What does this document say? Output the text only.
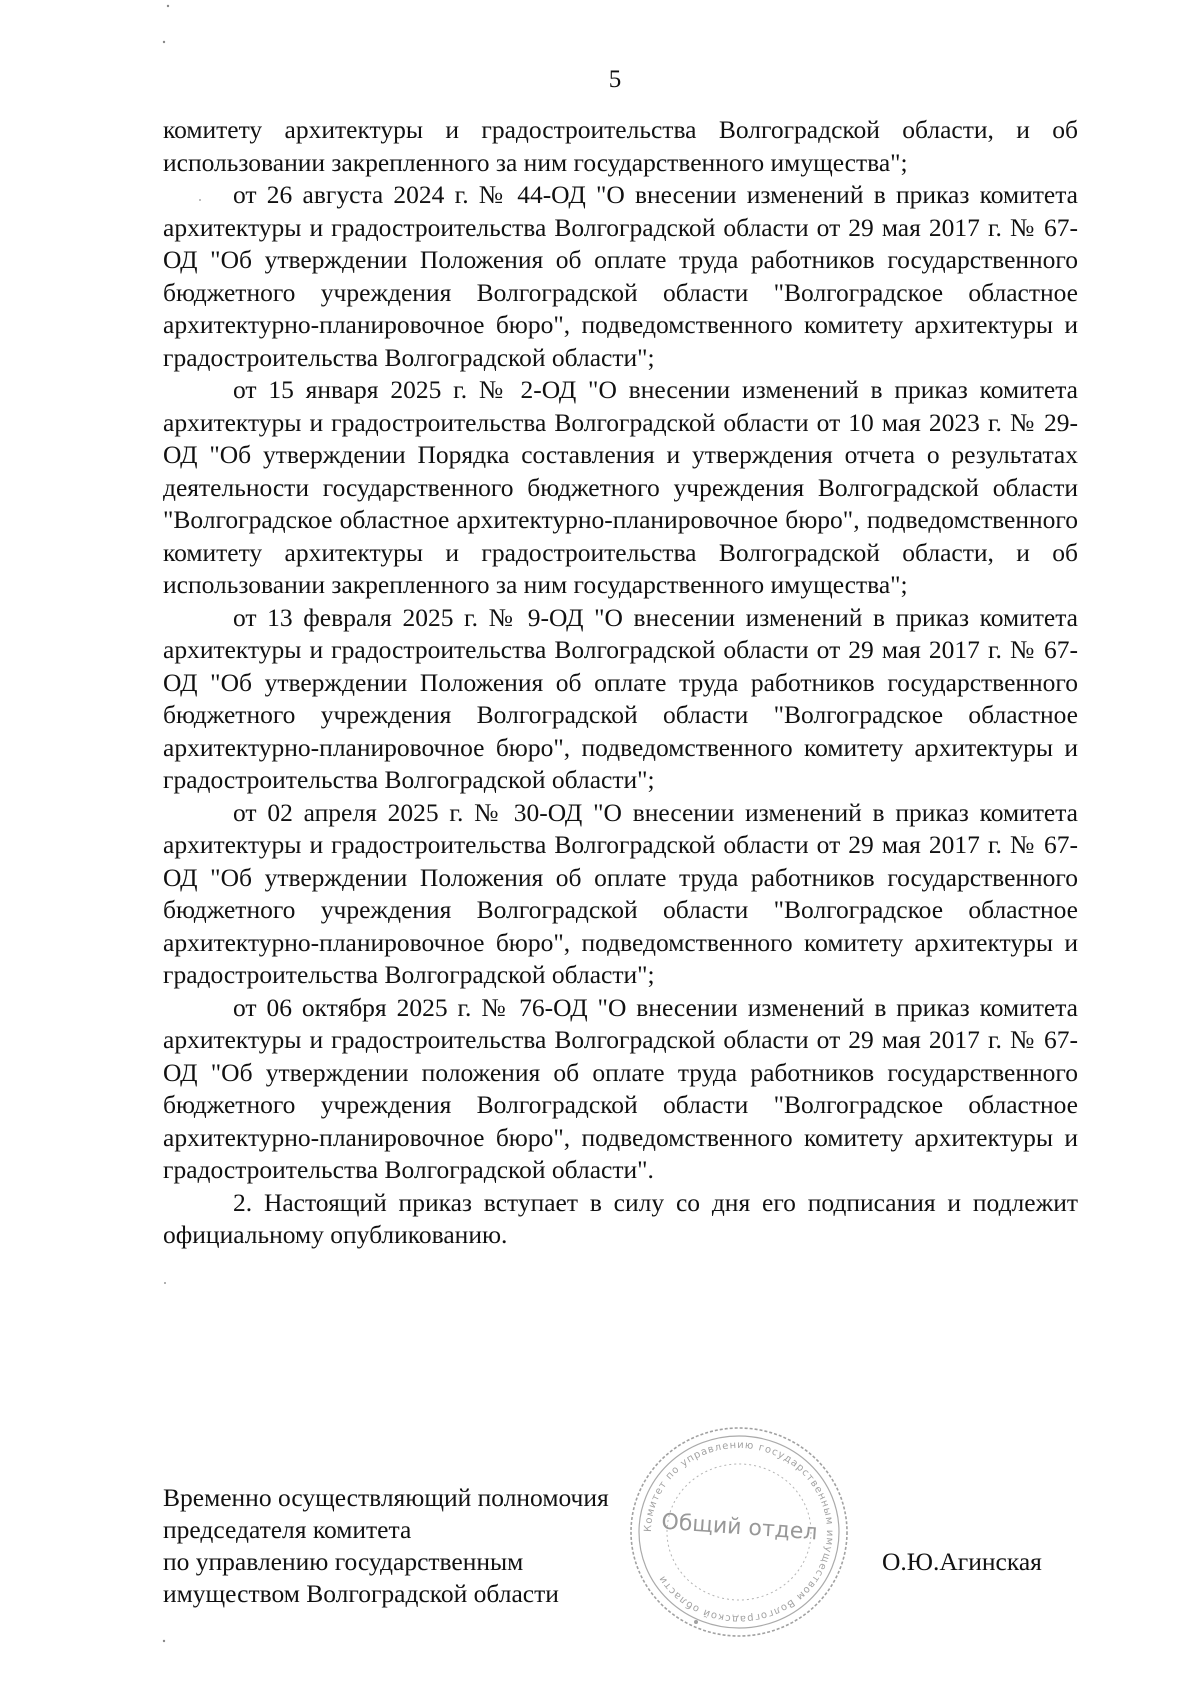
5

комитету архитектуры и градостроительства Волгоградской области, и об использовании закрепленного за ним государственного имущества";

от 26 августа 2024 г. № 44-ОД "О внесении изменений в приказ комитета архитектуры и градостроительства Волгоградской области от 29 мая 2017 г. № 67-ОД "Об утверждении Положения об оплате труда работников государственного бюджетного учреждения Волгоградской области "Волгоградское областное архитектурно-планировочное бюро", подведомственного комитету архитектуры и градостроительства Волгоградской области";

от 15 января 2025 г. № 2-ОД "О внесении изменений в приказ комитета архитектуры и градостроительства Волгоградской области от 10 мая 2023 г. № 29-ОД "Об утверждении Порядка составления и утверждения отчета о результатах деятельности государственного бюджетного учреждения Волгоградской области "Волгоградское областное архитектурно-планировочное бюро", подведомственного комитету архитектуры и градостроительства Волгоградской области, и об использовании закрепленного за ним государственного имущества";

от 13 февраля 2025 г. № 9-ОД "О внесении изменений в приказ комитета архитектуры и градостроительства Волгоградской области от 29 мая 2017 г. № 67-ОД "Об утверждении Положения об оплате труда работников государственного бюджетного учреждения Волгоградской области "Волгоградское областное архитектурно-планировочное бюро", подведомственного комитету архитектуры и градостроительства Волгоградской области";

от 02 апреля 2025 г. № 30-ОД "О внесении изменений в приказ комитета архитектуры и градостроительства Волгоградской области от 29 мая 2017 г. № 67-ОД "Об утверждении Положения об оплате труда работников государственного бюджетного учреждения Волгоградской области "Волгоградское областное архитектурно-планировочное бюро", подведомственного комитету архитектуры и градостроительства Волгоградской области";

от 06 октября 2025 г. № 76-ОД "О внесении изменений в приказ комитета архитектуры и градостроительства Волгоградской области от 29 мая 2017 г. № 67-ОД "Об утверждении положения об оплате труда работников государственного бюджетного учреждения Волгоградской области "Волгоградское областное архитектурно-планировочное бюро", подведомственного комитету архитектуры и градостроительства Волгоградской области".

2. Настоящий приказ вступает в силу со дня его подписания и подлежит официальному опубликованию.

Временно осуществляющий полномочия
председателя комитета
по управлению государственным
имуществом Волгоградской области
О.Ю.Агинская
Комитет по управлению государственным имуществом Волгоградской области
Общий отдел
